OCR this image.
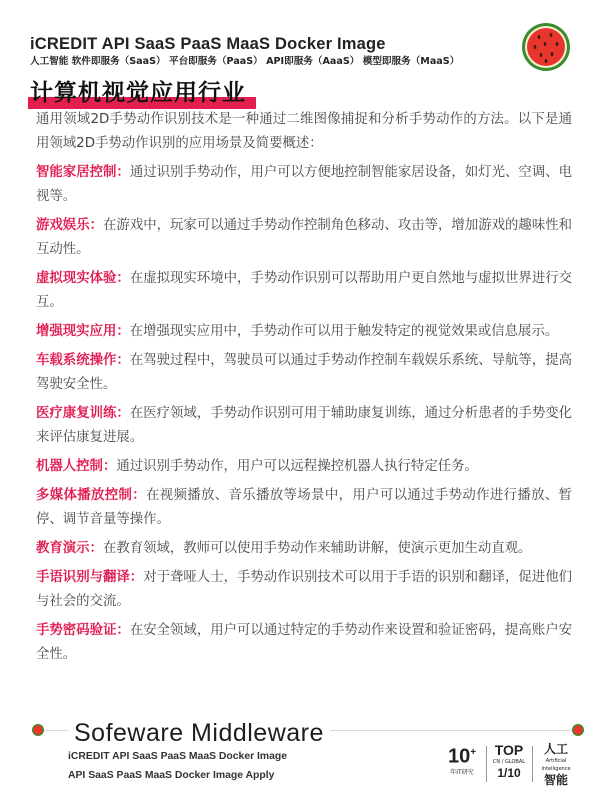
iCREDIT API SaaS PaaS MaaS Docker Image
人工智能 软件即服务（SaaS） 平台即服务（PaaS） API即服务（AaaS） 模型即服务（MaaS）
计算机视觉应用行业

通用领域2D手势动作识别技术是一种通过二维图像捕捉和分析手势动作的方法。以下是通用领域2D手势动作识别的应用场景及简要概述：

智能家居控制：通过识别手势动作，用户可以方便地控制智能家居设备，如灯光、空调、电视等。

游戏娱乐：在游戏中，玩家可以通过手势动作控制角色移动、攻击等，增加游戏的趣味性和互动性。

虚拟现实体验：在虚拟现实环境中，手势动作识别可以帮助用户更自然地与虚拟世界进行交互。

增强现实应用：在增强现实应用中，手势动作可以用于触发特定的视觉效果或信息展示。

车载系统操作：在驾驶过程中，驾驶员可以通过手势动作控制车载娱乐系统、导航等，提高驾驶安全性。

医疗康复训练：在医疗领域，手势动作识别可用于辅助康复训练，通过分析患者的手势变化来评估康复进展。

机器人控制：通过识别手势动作，用户可以远程操控机器人执行特定任务。

多媒体播放控制：在视频播放、音乐播放等场景中，用户可以通过手势动作进行播放、暂停、调节音量等操作。

教育演示：在教育领域，教师可以使用手势动作来辅助讲解，使演示更加生动直观。

手语识别与翻译：对于聋哑人士，手势动作识别技术可以用于手语的识别和翻译，促进他们与社会的交流。

手势密码验证：在安全领域，用户可以通过特定的手势动作来设置和验证密码，提高账户安全性。

Sofeware Middleware
iCREDIT API SaaS PaaS MaaS Docker Image
API SaaS PaaS MaaS Docker Image Apply
10+
年IT研究
TOP
CN / GLOBAL
1/10
人工
Artificial Intelligence
智能
